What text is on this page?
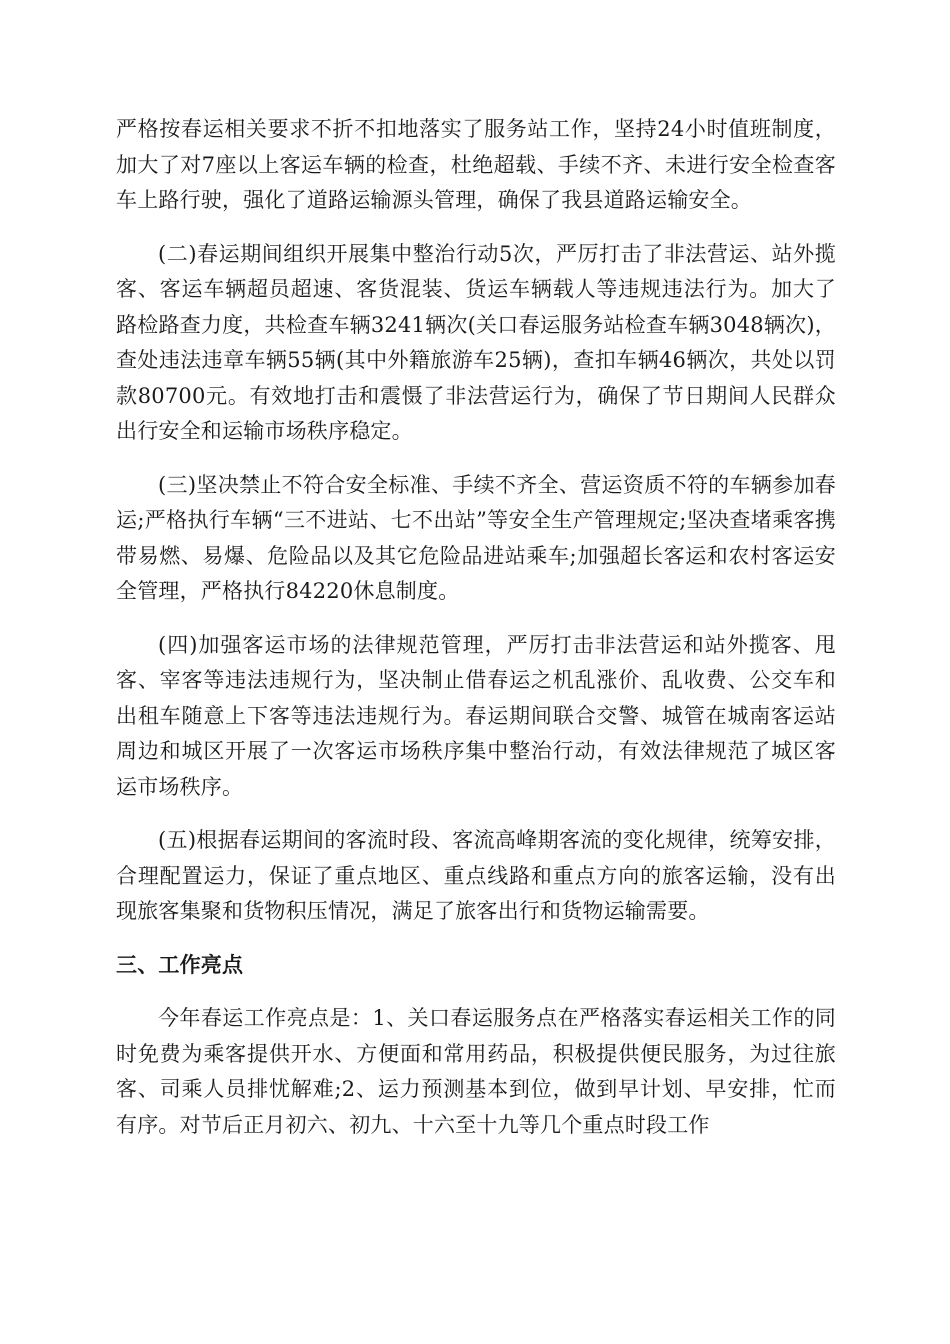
严格按春运相关要求不折不扣地落实了服务站工作，坚持24小时值班制度，加大了对7座以上客运车辆的检查，杜绝超载、手续不齐、未进行安全检查客车上路行驶，强化了道路运输源头管理，确保了我县道路运输安全。

(二)春运期间组织开展集中整治行动5次，严厉打击了非法营运、站外揽客、客运车辆超员超速、客货混装、货运车辆载人等违规违法行为。加大了路检路查力度，共检查车辆3241辆次(关口春运服务站检查车辆3048辆次)，查处违法违章车辆55辆(其中外籍旅游车25辆)，查扣车辆46辆次，共处以罚款80700元。有效地打击和震慑了非法营运行为，确保了节日期间人民群众出行安全和运输市场秩序稳定。

(三)坚决禁止不符合安全标准、手续不齐全、营运资质不符的车辆参加春运;严格执行车辆“三不进站、七不出站”等安全生产管理规定;坚决查堵乘客携带易燃、易爆、危险品以及其它危险品进站乘车;加强超长客运和农村客运安全管理，严格执行84220休息制度。

(四)加强客运市场的法律规范管理，严厉打击非法营运和站外揽客、甩客、宰客等违法违规行为，坚决制止借春运之机乱涨价、乱收费、公交车和出租车随意上下客等违法违规行为。春运期间联合交警、城管在城南客运站周边和城区开展了一次客运市场秩序集中整治行动，有效法律规范了城区客运市场秩序。

(五)根据春运期间的客流时段、客流高峰期客流的变化规律，统筹安排，合理配置运力，保证了重点地区、重点线路和重点方向的旅客运输，没有出现旅客集聚和货物积压情况，满足了旅客出行和货物运输需要。

三、工作亮点

今年春运工作亮点是：1、关口春运服务点在严格落实春运相关工作的同时免费为乘客提供开水、方便面和常用药品，积极提供便民服务，为过往旅客、司乘人员排忧解难;2、运力预测基本到位，做到早计划、早安排，忙而有序。对节后正月初六、初九、十六至十九等几个重点时段工作
